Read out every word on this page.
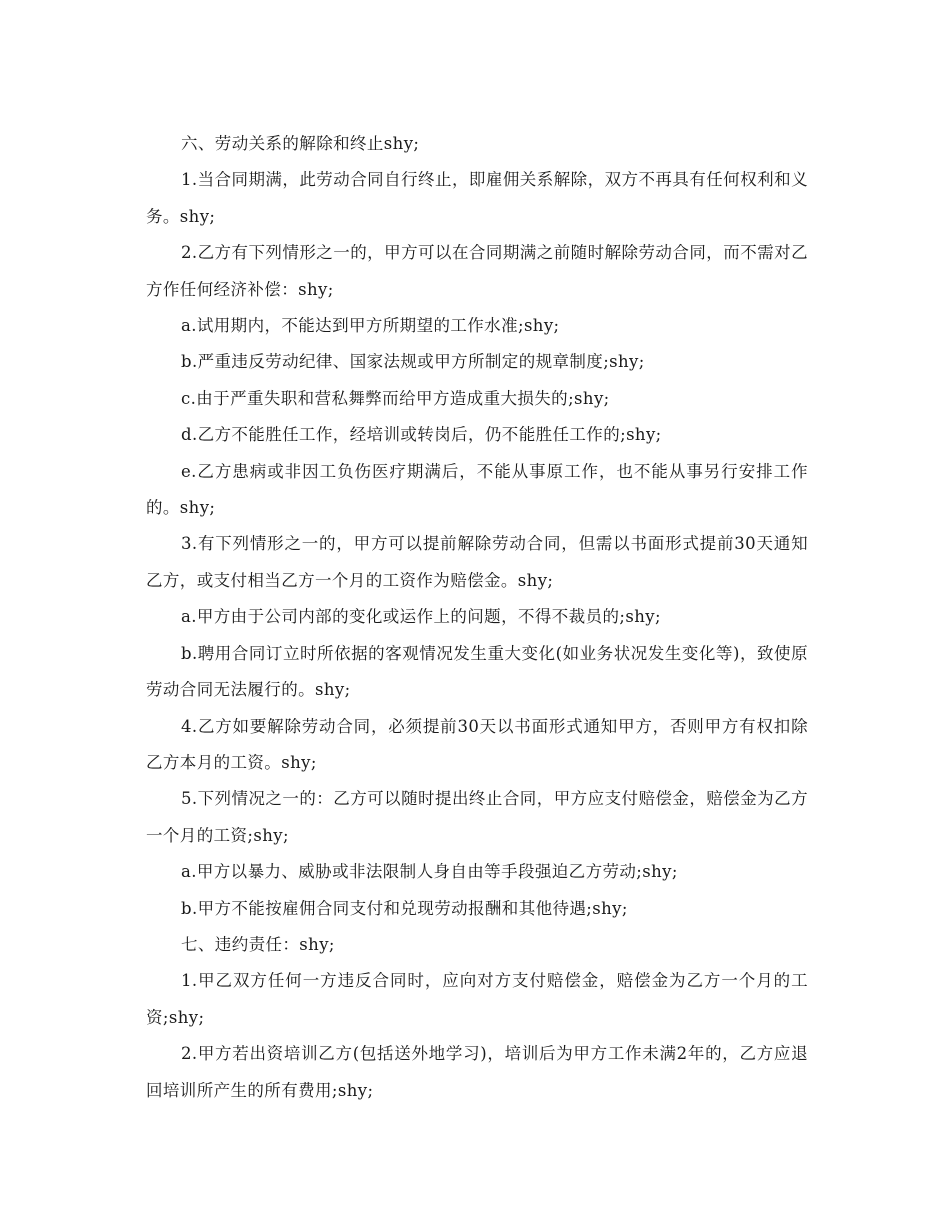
六、劳动关系的解除和终止shy;

1.当合同期满，此劳动合同自行终止，即雇佣关系解除，双方不再具有任何权利和义务。shy;

2.乙方有下列情形之一的，甲方可以在合同期满之前随时解除劳动合同，而不需对乙方作任何经济补偿：shy;

a.试用期内，不能达到甲方所期望的工作水准;shy;

b.严重违反劳动纪律、国家法规或甲方所制定的规章制度;shy;

c.由于严重失职和营私舞弊而给甲方造成重大损失的;shy;

d.乙方不能胜任工作，经培训或转岗后，仍不能胜任工作的;shy;

e.乙方患病或非因工负伤医疗期满后，不能从事原工作，也不能从事另行安排工作的。shy;

3.有下列情形之一的，甲方可以提前解除劳动合同，但需以书面形式提前30天通知乙方，或支付相当乙方一个月的工资作为赔偿金。shy;

a.甲方由于公司内部的变化或运作上的问题，不得不裁员的;shy;

b.聘用合同订立时所依据的客观情况发生重大变化(如业务状况发生变化等)，致使原劳动合同无法履行的。shy;

4.乙方如要解除劳动合同，必须提前30天以书面形式通知甲方，否则甲方有权扣除乙方本月的工资。shy;

5.下列情况之一的：乙方可以随时提出终止合同，甲方应支付赔偿金，赔偿金为乙方一个月的工资;shy;

a.甲方以暴力、威胁或非法限制人身自由等手段强迫乙方劳动;shy;

b.甲方不能按雇佣合同支付和兑现劳动报酬和其他待遇;shy;

七、违约责任：shy;

1.甲乙双方任何一方违反合同时，应向对方支付赔偿金，赔偿金为乙方一个月的工资;shy;

2.甲方若出资培训乙方(包括送外地学习)，培训后为甲方工作未满2年的，乙方应退回培训所产生的所有费用;shy;
